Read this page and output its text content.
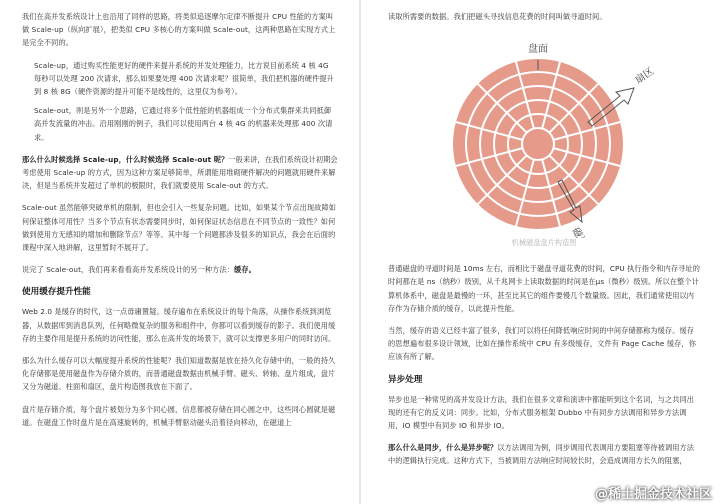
我们在高并发系统设计上也沿用了同样的思路，将类似追逐摩尔定律不断提升 CPU 性能的方案叫做 Scale-up（纵向扩展），把类似 CPU 多核心的方案叫做 Scale-out，这两种思路在实现方式上是完全不同的。

Scale-up，通过购买性能更好的硬件来提升系统的并发处理能力，比方说目前系统 4 核 4G 每秒可以处理 200 次请求，那么如果要处理 400 次请求呢？很简单，我们把机器的硬件提升到 8 核 8G（硬件资源的提升可能不是线性的，这里仅为参考）。

Scale-out，则是另外一个思路，它通过将多个低性能的机器组成一个分布式集群来共同抵御高并发流量的冲击。沿用刚刚的例子，我们可以使用两台 4 核 4G 的机器来处理那 400 次请求。

那么什么时候选择 Scale-up，什么时候选择 Scale-out 呢？一般来讲，在我们系统设计初期会考虑使用 Scale-up 的方式，因为这种方案足够简单，所谓能用堆砌硬件解决的问题就用硬件来解决，但是当系统并发超过了单机的极限时，我们就要使用 Scale-out 的方式。

Scale-out 虽然能够突破单机的限制，但也会引入一些复杂问题。比如，如果某个节点出现故障如何保证整体可用性？当多个节点有状态需要同步时，如何保证状态信息在不同节点的一致性？如何做到使用方无感知的增加和删除节点？等等。其中每一个问题都涉及很多的知识点，我会在后面的课程中深入地讲解，这里暂时不展开了。

说完了 Scale-out，我们再来看看高并发系统设计的另一种方法：缓存。

使用缓存提升性能

Web 2.0 是缓存的时代，这一点毋庸置疑。缓存遍布在系统设计的每个角落，从操作系统到浏览器，从数据库到消息队列，任何略微复杂的服务和组件中，你都可以看到缓存的影子。我们使用缓存的主要作用是提升系统的访问性能，那么在高并发的场景下，就可以支撑更多用户的同时访问。

那么为什么缓存可以大幅度提升系统的性能呢？我们知道数据是放在持久化存储中的，一般的持久化存储都是使用磁盘作为存储介质的，而普通磁盘数据由机械手臂、磁头、转轴、盘片组成，盘片又分为磁道、柱面和扇区，盘片构造图我放在下面了。

盘片是存储介质，每个盘片被划分为多个同心圆，信息都被存储在同心圆之中，这些同心圆就是磁道。在磁盘工作时盘片是在高速旋转的，机械手臂驱动磁头沿着径向移动，在磁道上

读取所需要的数据。我们把磁头寻找信息花费的时间叫做寻道时间。

盘面
扇区
磁道
机械磁盘盘片构造图

普通磁盘的寻道时间是 10ms 左右，而相比于磁盘寻道花费的时间，CPU 执行指令和内存寻址的时间都在是 ns（纳秒）级别，从千兆网卡上读取数据的时间是在μs（微秒）级别。所以在整个计算机体系中，磁盘是最慢的一环，甚至比其它的组件要慢几个数量级。因此，我们通常使用以内存作为存储介质的缓存，以此提升性能。

当然，缓存的语义已经丰富了很多，我们可以将任何降低响应时间的中间存储都称为缓存。缓存的思想遍布很多设计领域，比如在操作系统中 CPU 有多级缓存，文件有 Page Cache 缓存，你应该有所了解。

异步处理

异步也是一种常见的高并发设计方法，我们在很多文章和演讲中都能听到这个名词，与之共同出现的还有它的反义词：同步。比如，分布式服务框架 Dubbo 中有同步方法调用和异步方法调用，IO 模型中有同步 IO 和异步 IO。

那么什么是同步，什么是异步呢？以方法调用为例，同步调用代表调用方要阻塞等待被调用方法中的逻辑执行完成。这种方式下，当被调用方法响应时间较长时，会造成调用方长久的阻塞，

@稀土掘金技术社区
